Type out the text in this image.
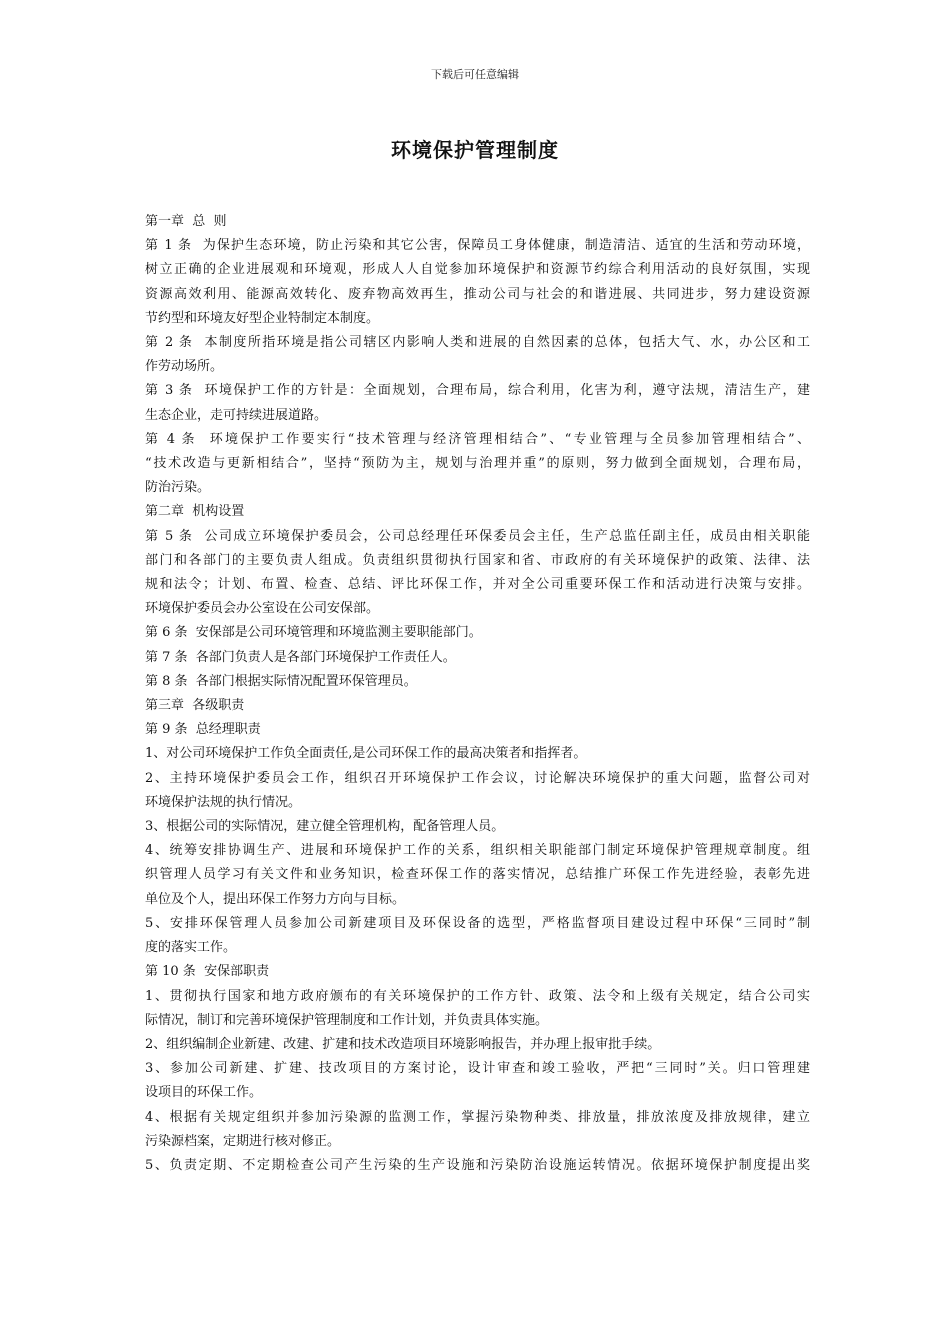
下载后可任意编辑
环境保护管理制度
第一章  总  则
第 1 条  为保护生态环境，防止污染和其它公害，保障员工身体健康，制造清洁、适宜的生活和劳动环境，
树立正确的企业进展观和环境观，形成人人自觉参加环境保护和资源节约综合利用活动的良好氛围，实现
资源高效利用、能源高效转化、废弃物高效再生，推动公司与社会的和谐进展、共同进步，努力建设资源
节约型和环境友好型企业特制定本制度。
第 2 条  本制度所指环境是指公司辖区内影响人类和进展的自然因素的总体，包括大气、水，办公区和工
作劳动场所。
第 3 条  环境保护工作的方针是：全面规划，合理布局，综合利用，化害为利，遵守法规，清洁生产，建
生态企业，走可持续进展道路。
第 4 条  环境保护工作要实行“技术管理与经济管理相结合”、“专业管理与全员参加管理相结合”、
“技术改造与更新相结合”，坚持“预防为主，规划与治理并重”的原则，努力做到全面规划，合理布局，
防治污染。
第二章  机构设置
第 5 条  公司成立环境保护委员会，公司总经理任环保委员会主任，生产总监任副主任，成员由相关职能
部门和各部门的主要负责人组成。负责组织贯彻执行国家和省、市政府的有关环境保护的政策、法律、法
规和法令；计划、布置、检查、总结、评比环保工作，并对全公司重要环保工作和活动进行决策与安排。
环境保护委员会办公室设在公司安保部。
第 6 条  安保部是公司环境管理和环境监测主要职能部门。
第 7 条  各部门负责人是各部门环境保护工作责任人。
第 8 条  各部门根据实际情况配置环保管理员。
第三章  各级职责
第 9 条  总经理职责
1、对公司环境保护工作负全面责任,是公司环保工作的最高决策者和指挥者。
2、主持环境保护委员会工作，组织召开环境保护工作会议，讨论解决环境保护的重大问题，监督公司对
环境保护法规的执行情况。
3、根据公司的实际情况，建立健全管理机构，配备管理人员。
4、统筹安排协调生产、进展和环境保护工作的关系，组织相关职能部门制定环境保护管理规章制度。组
织管理人员学习有关文件和业务知识，检查环保工作的落实情况，总结推广环保工作先进经验，表彰先进
单位及个人，提出环保工作努力方向与目标。
5、安排环保管理人员参加公司新建项目及环保设备的选型，严格监督项目建设过程中环保“三同时”制
度的落实工作。
第 10 条  安保部职责
1、贯彻执行国家和地方政府颁布的有关环境保护的工作方针、政策、法令和上级有关规定，结合公司实
际情况，制订和完善环境保护管理制度和工作计划，并负责具体实施。
2、组织编制企业新建、改建、扩建和技术改造项目环境影响报告，并办理上报审批手续。
3、参加公司新建、扩建、技改项目的方案讨论，设计审查和竣工验收，严把“三同时”关。归口管理建
设项目的环保工作。
4、根据有关规定组织并参加污染源的监测工作，掌握污染物种类、排放量，排放浓度及排放规律，建立
污染源档案，定期进行核对修正。
5、负责定期、不定期检查公司产生污染的生产设施和污染防治设施运转情况。依据环境保护制度提出奖
